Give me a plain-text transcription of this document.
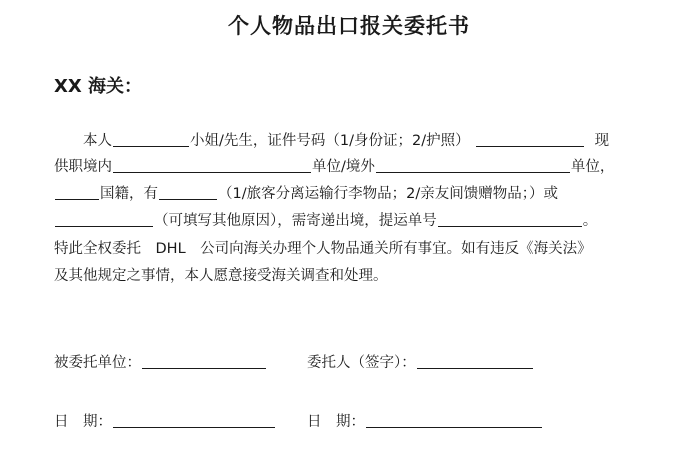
个人物品出口报关委托书
XX 海关：
本人	小姐/先生，证件号码（1/身份证；2/护照）	现
供职境内	单位/境外	单位，
国籍，有	（1/旅客分离运输行李物品；2/亲友间馈赠物品；）或
（可填写其他原因），需寄递出境，提运单号	。
特此全权委托　DHL　公司向海关办理个人物品通关所有事宜。如有违反《海关法》
及其他规定之事情，本人愿意接受海关调查和处理。
被委托单位：	委托人（签字）：
日　期：	日　期：
